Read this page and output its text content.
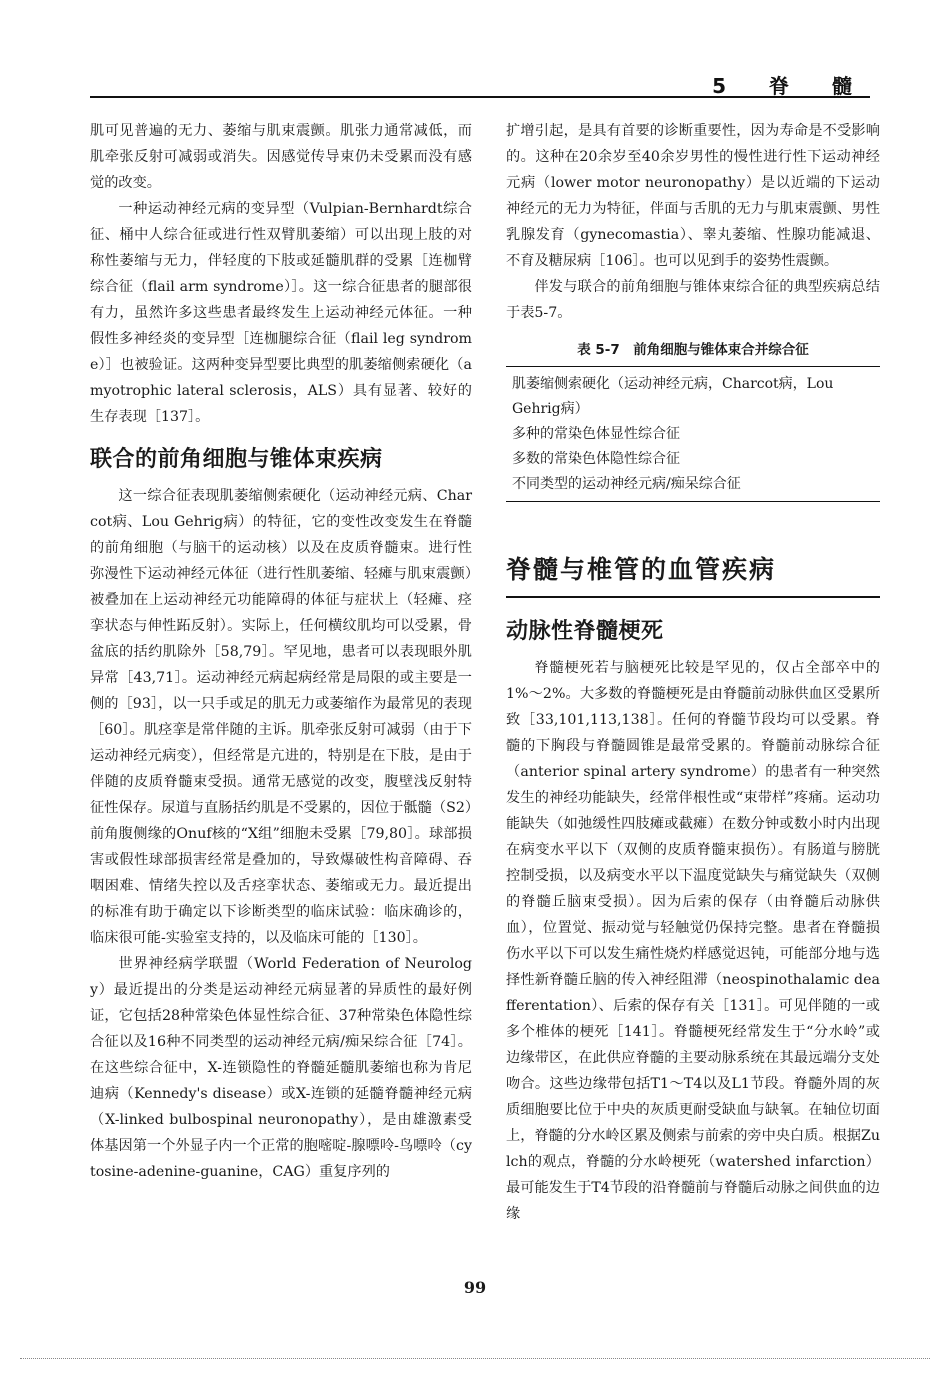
5 脊 髓

肌可见普遍的无力、萎缩与肌束震颤。肌张力通常减低，而肌牵张反射可减弱或消失。因感觉传导束仍未受累而没有感觉的改变。

一种运动神经元病的变异型（Vulpian-Bernhardt综合征、桶中人综合征或进行性双臂肌萎缩）可以出现上肢的对称性萎缩与无力，伴轻度的下肢或延髓肌群的受累［连枷臂综合征（flail arm syndrome）］。这一综合征患者的腿部很有力，虽然许多这些患者最终发生上运动神经元体征。一种假性多神经炎的变异型［连枷腿综合征（flail leg syndrome）］也被验证。这两种变异型要比典型的肌萎缩侧索硬化（amyotrophic lateral sclerosis，ALS）具有显著、较好的生存表现［137］。

联合的前角细胞与锥体束疾病

这一综合征表现肌萎缩侧索硬化（运动神经元病、Charcot病、Lou Gehrig病）的特征，它的变性改变发生在脊髓的前角细胞（与脑干的运动核）以及在皮质脊髓束。进行性弥漫性下运动神经元体征（进行性肌萎缩、轻瘫与肌束震颤）被叠加在上运动神经元功能障碍的体征与症状上（轻瘫、痉挛状态与伸性跖反射）。实际上，任何横纹肌均可以受累，骨盆底的括约肌除外［58,79］。罕见地，患者可以表现眼外肌异常［43,71］。运动神经元病起病经常是局限的或主要是一侧的［93］，以一只手或足的肌无力或萎缩作为最常见的表现［60］。肌痉挛是常伴随的主诉。肌牵张反射可减弱（由于下运动神经元病变），但经常是亢进的，特别是在下肢，是由于伴随的皮质脊髓束受损。通常无感觉的改变，腹壁浅反射特征性保存。尿道与直肠括约肌是不受累的，因位于骶髓（S2）前角腹侧缘的Onuf核的“X组”细胞未受累［79,80］。球部损害或假性球部损害经常是叠加的，导致爆破性构音障碍、吞咽困难、情绪失控以及舌痉挛状态、萎缩或无力。最近提出的标准有助于确定以下诊断类型的临床试验：临床确诊的，临床很可能-实验室支持的，以及临床可能的［130］。

世界神经病学联盟（World Federation of Neurology）最近提出的分类是运动神经元病显著的异质性的最好例证，它包括28种常染色体显性综合征、37种常染色体隐性综合征以及16种不同类型的运动神经元病/痴呆综合征［74］。在这些综合征中，X-连锁隐性的脊髓延髓肌萎缩也称为肯尼迪病（Kennedy's disease）或X-连锁的延髓脊髓神经元病（X-linked bulbospinal neuronopathy），是由雄激素受体基因第一个外显子内一个正常的胞嘧啶-腺嘌呤-鸟嘌呤（cytosine-adenine-guanine，CAG）重复序列的

扩增引起，是具有首要的诊断重要性，因为寿命是不受影响的。这种在20余岁至40余岁男性的慢性进行性下运动神经元病（lower motor neuronopathy）是以近端的下运动神经元的无力为特征，伴面与舌肌的无力与肌束震颤、男性乳腺发育（gynecomastia）、睾丸萎缩、性腺功能减退、不育及糖尿病［106］。也可以见到手的姿势性震颤。

伴发与联合的前角细胞与锥体束综合征的典型疾病总结于表5-7。

表 5-7　前角细胞与锥体束合并综合征
肌萎缩侧索硬化（运动神经元病，Charcot病，Lou Gehrig病）
多种的常染色体显性综合征
多数的常染色体隐性综合征
不同类型的运动神经元病/痴呆综合征
脊髓与椎管的血管疾病
动脉性脊髓梗死

脊髓梗死若与脑梗死比较是罕见的，仅占全部卒中的1%～2%。大多数的脊髓梗死是由脊髓前动脉供血区受累所致［33,101,113,138］。任何的脊髓节段均可以受累。脊髓的下胸段与脊髓圆锥是最常受累的。脊髓前动脉综合征（anterior spinal artery syndrome）的患者有一种突然发生的神经功能缺失，经常伴根性或“束带样”疼痛。运动功能缺失（如弛缓性四肢瘫或截瘫）在数分钟或数小时内出现在病变水平以下（双侧的皮质脊髓束损伤）。有肠道与膀胱控制受损，以及病变水平以下温度觉缺失与痛觉缺失（双侧的脊髓丘脑束受损）。因为后索的保存（由脊髓后动脉供血），位置觉、振动觉与轻触觉仍保持完整。患者在脊髓损伤水平以下可以发生痛性烧灼样感觉迟钝，可能部分地与选择性新脊髓丘脑的传入神经阻滞（neospinothalamic deafferentation）、后索的保存有关［131］。可见伴随的一或多个椎体的梗死［141］。脊髓梗死经常发生于“分水岭”或边缘带区，在此供应脊髓的主要动脉系统在其最远端分支处吻合。这些边缘带包括T1～T4以及L1节段。脊髓外周的灰质细胞要比位于中央的灰质更耐受缺血与缺氧。在轴位切面上，脊髓的分水岭区累及侧索与前索的旁中央白质。根据Zulch的观点，脊髓的分水岭梗死（watershed infarction）最可能发生于T4节段的沿脊髓前与脊髓后动脉之间供血的边缘

99
